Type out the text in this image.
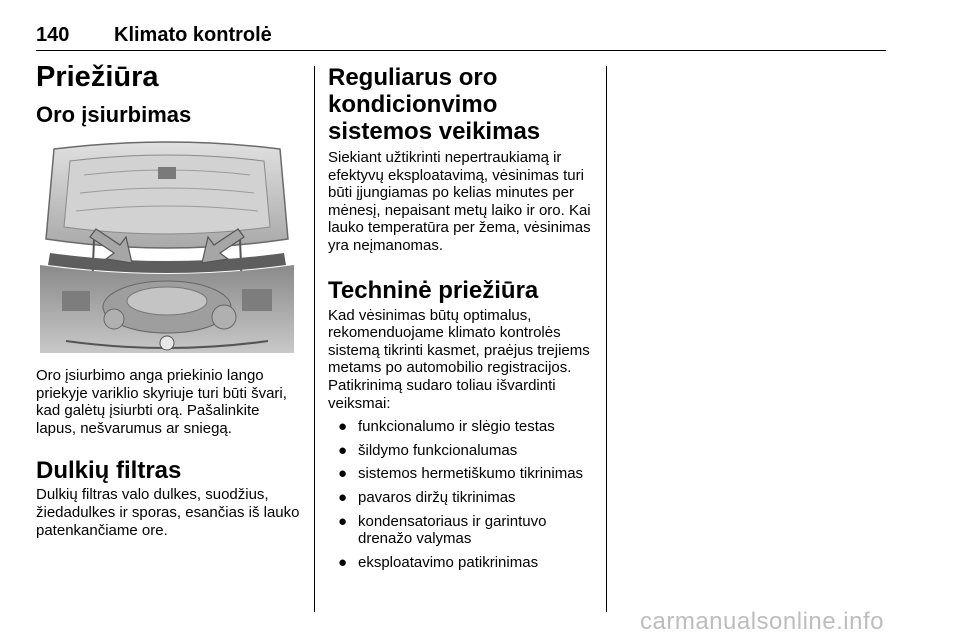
140 Klimato kontrolė
Priežiūra
Oro įsiurbimas

Oro įsiurbimo anga priekinio lango priekyje variklio skyriuje turi būti švari, kad galėtų įsiurbti orą. Pašalinkite lapus, nešvarumus ar sniegą.

Dulkių filtras

Dulkių filtras valo dulkes, suodžius, žiedadulkes ir sporas, esančias iš lauko patenkančiame ore.

Reguliarus oro kondicionvimo sistemos veikimas

Siekiant užtikrinti nepertraukiamą ir efektyvų eksploatavimą, vėsinimas turi būti įjungiamas po kelias minutes per mėnesį, nepaisant metų laiko ir oro. Kai lauko temperatūra per žema, vėsinimas yra neįmanomas.

Techninė priežiūra

Kad vėsinimas būtų optimalus, rekomenduojame klimato kontrolės sistemą tikrinti kasmet, praėjus trejiems metams po automobilio registracijos. Patikrinimą sudaro toliau išvardinti veiksmai:

● funkcionalumo ir slėgio testas
● šildymo funkcionalumas
● sistemos hermetiškumo tikrinimas
● pavaros diržų tikrinimas
● kondensatoriaus ir garintuvo drenažo valymas
● eksploatavimo patikrinimas
carmanualsonline.info
